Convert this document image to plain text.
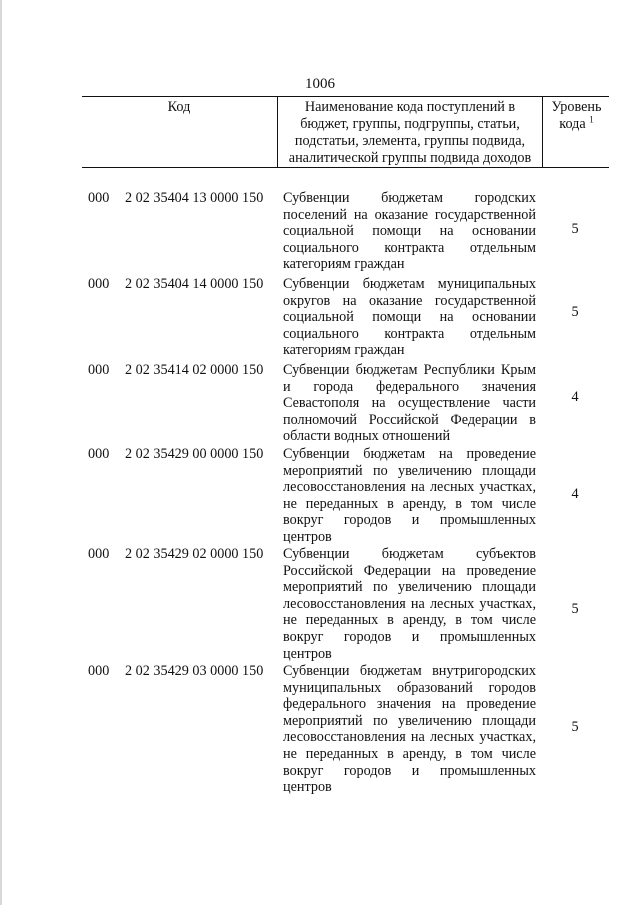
1006
Код	Наименование кода поступлений в бюджет, группы, подгруппы, статьи, подстатьи, элемента, группы подвида, аналитической группы подвида доходов
Уровень
кода $^1$
000 2 02 35404 13 0000 150 Субвенции бюджетам городских поселений на оказание государственной социальной помощи на основании социального контракта отдельным категориям граждан
5
000 2 02 35404 14 0000 150 Субвенции бюджетам муниципальных округов на оказание государственной социальной помощи на основании социального контракта отдельным категориям граждан
5
000 2 02 35414 02 0000 150 Субвенции бюджетам Республики Крым и города федерального значения Севастополя на осуществление части полномочий Российской Федерации в области водных отношений
4
000 2 02 35429 00 0000 150 Субвенции бюджетам на проведение мероприятий по увеличению площади лесовосстановления на лесных участках, не переданных в аренду, в том числе вокруг городов и промышленных центров
4
000 2 02 35429 02 0000 150 Субвенции бюджетам субъектов Российской Федерации на проведение мероприятий по увеличению площади лесовосстановления на лесных участках, не переданных в аренду, в том числе вокруг городов и промышленных центров
5
000 2 02 35429 03 0000 150 Субвенции бюджетам внутригородских муниципальных образований городов федерального значения на проведение мероприятий по увеличению площади лесовосстановления на лесных участках, не переданных в аренду, в том числе вокруг городов и промышленных центров
5
